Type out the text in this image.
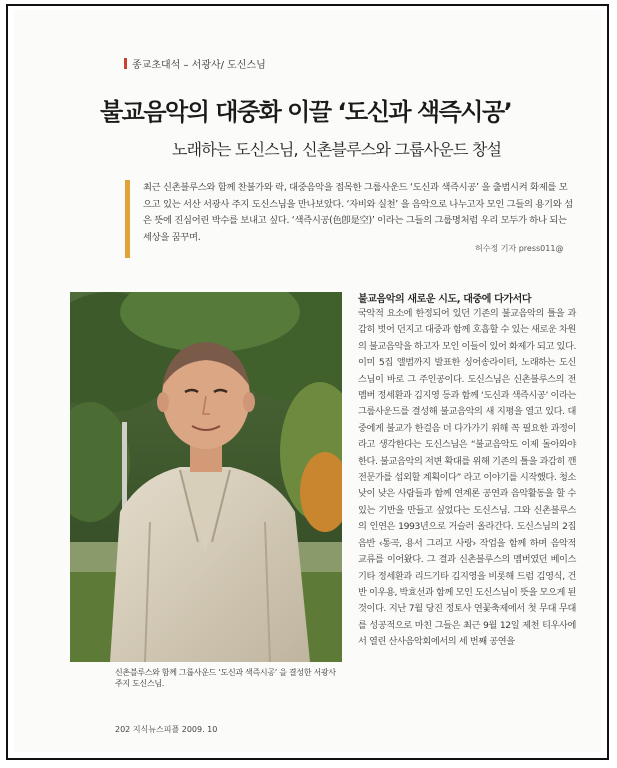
종교초대석 – 서광사/ 도신스님
불교음악의 대중화 이끌 ‘도신과 색즉시공’
노래하는 도신스님, 신촌블루스와 그룹사운드 창설
최근 신촌블루스와 함께 찬불가와 락, 대중음악을 접목한 그룹사운드 ‘도신과 색즉시공’ 을 출범시켜 화제를 모으고 있는 서산 서광사 주지 도신스님을 만나보았다. ‘자비와 실천’ 을 음악으로 나누고자 모인 그들의 용기와 섬은 뜻에 진심어린 박수를 보내고 싶다. ‘색즉시공(色卽是空)’ 이라는 그들의 그룹명처럼 우리 모두가 하나 되는 세상을 꿈꾸며.
허수정 기자 press011@
신촌블루스와 함께 그룹사운드 ‘도신과 색즉시공’ 을 결성한 서광사 주지 도신스님.
불교음악의 새로운 시도, 대중에 다가서다
국악적 요소에 한정되어 있던 기존의 불교음악의 틀을 과감히 벗어 던지고 대중과 함께 호흡할 수 있는 새로운 차원의 불교음악을 하고자 모인 이들이 있어 화제가 되고 있다. 이미 5집 앨범까지 발표한 싱어송라이터, 노래하는 도신스님이 바로 그 주인공이다. 도신스님은 신촌블루스의 전 멤버 정세환과 김지영 등과 함께 ‘도신과 색즉시공’ 이라는 그룹사운드를 결성해 불교음악의 새 지평을 열고 있다. 대중에게 불교가 한걸음 더 다가가기 위해 꼭 필요한 과정이라고 생각한다는 도신스님은 “불교음악도 이제 돌아와야 한다. 불교음악의 저변 확대를 위해 기존의 틀을 과감히 깬 전문가를 섭외할 계획이다” 라고 이야기를 시작했다. 청소 낮이 낮은 사람들과 함께 연계론 공연과 음악활동을 할 수 있는 기반을 만들고 싶었다는 도신스님. 그와 신촌블루스의 인연은 1993년으로 거슬러 올라간다. 도신스님의 2집 음반 ‹통곡, 용서 그리고 사랑› 작업을 함께 하며 음악적 교류를 이어왔다. 그 결과 신촌블루스의 멤버였던 베이스기타 정세환과 리드기타 김지영을 비롯해 드럼 김영식, 건반 이우용, 박효선과 함께 모인 도신스님이 뜻을 모으게 된 것이다. 지난 7월 당진 정토사 연꽃축제에서 첫 무대 무대를 성공적으로 마친 그들은 최근 9월 12일 제천 티우사에서 열린 산사음악회에서의 세 번째 공연을
202 지식뉴스피플 2009. 10
